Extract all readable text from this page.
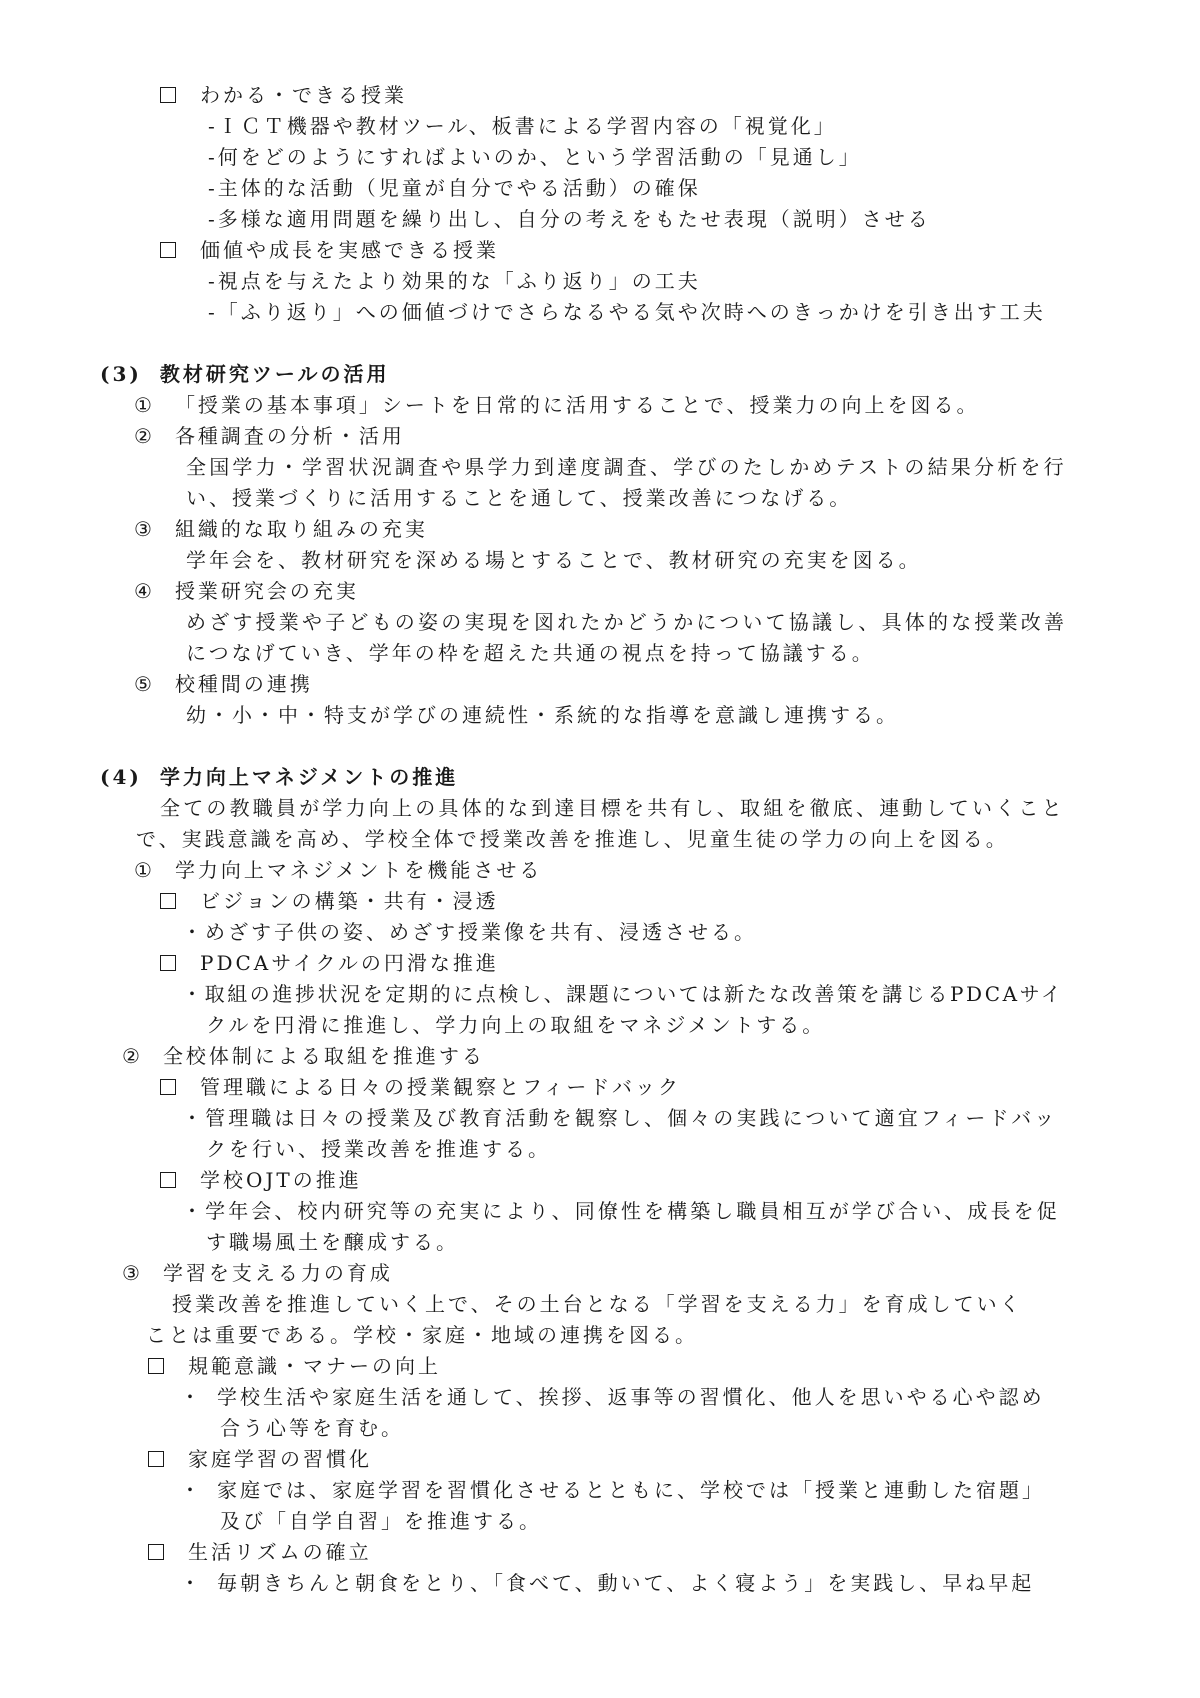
わかる・できる授業
-ＩＣＴ機器や教材ツール、板書による学習内容の「視覚化」
-何をどのようにすればよいのか、という学習活動の「見通し」
-主体的な活動（児童が自分でやる活動）の確保
-多様な適用問題を繰り出し、自分の考えをもたせ表現（説明）させる
価値や成長を実感できる授業
-視点を与えたより効果的な「ふり返り」の工夫
-「ふり返り」への価値づけでさらなるやる気や次時へのきっかけを引き出す工夫
(3) 教材研究ツールの活用
① 「授業の基本事項」シートを日常的に活用することで、授業力の向上を図る。
② 各種調査の分析・活用
全国学力・学習状況調査や県学力到達度調査、学びのたしかめテストの結果分析を行
い、授業づくりに活用することを通して、授業改善につなげる。
③ 組織的な取り組みの充実
学年会を、教材研究を深める場とすることで、教材研究の充実を図る。
④ 授業研究会の充実
めざす授業や子どもの姿の実現を図れたかどうかについて協議し、具体的な授業改善
につなげていき、学年の枠を超えた共通の視点を持って協議する。
⑤ 校種間の連携
幼・小・中・特支が学びの連続性・系統的な指導を意識し連携する。
(4) 学力向上マネジメントの推進
全ての教職員が学力向上の具体的な到達目標を共有し、取組を徹底、連動していくこと
で、実践意識を高め、学校全体で授業改善を推進し、児童生徒の学力の向上を図る。
① 学力向上マネジメントを機能させる
ビジョンの構築・共有・浸透
・めざす子供の姿、めざす授業像を共有、浸透させる。
PDCAサイクルの円滑な推進
・取組の進捗状況を定期的に点検し、課題については新たな改善策を講じるPDCAサイ
クルを円滑に推進し、学力向上の取組をマネジメントする。
② 全校体制による取組を推進する
管理職による日々の授業観察とフィードバック
・管理職は日々の授業及び教育活動を観察し、個々の実践について適宜フィードバッ
クを行い、授業改善を推進する。
学校OJTの推進
・学年会、校内研究等の充実により、同僚性を構築し職員相互が学び合い、成長を促
す職場風土を醸成する。
③ 学習を支える力の育成
授業改善を推進していく上で、その土台となる「学習を支える力」を育成していく
ことは重要である。学校・家庭・地域の連携を図る。
規範意識・マナーの向上
・ 学校生活や家庭生活を通して、挨拶、返事等の習慣化、他人を思いやる心や認め
合う心等を育む。
家庭学習の習慣化
・ 家庭では、家庭学習を習慣化させるとともに、学校では「授業と連動した宿題」
及び「自学自習」を推進する。
生活リズムの確立
・ 毎朝きちんと朝食をとり、「食べて、動いて、よく寝よう」を実践し、早ね早起
